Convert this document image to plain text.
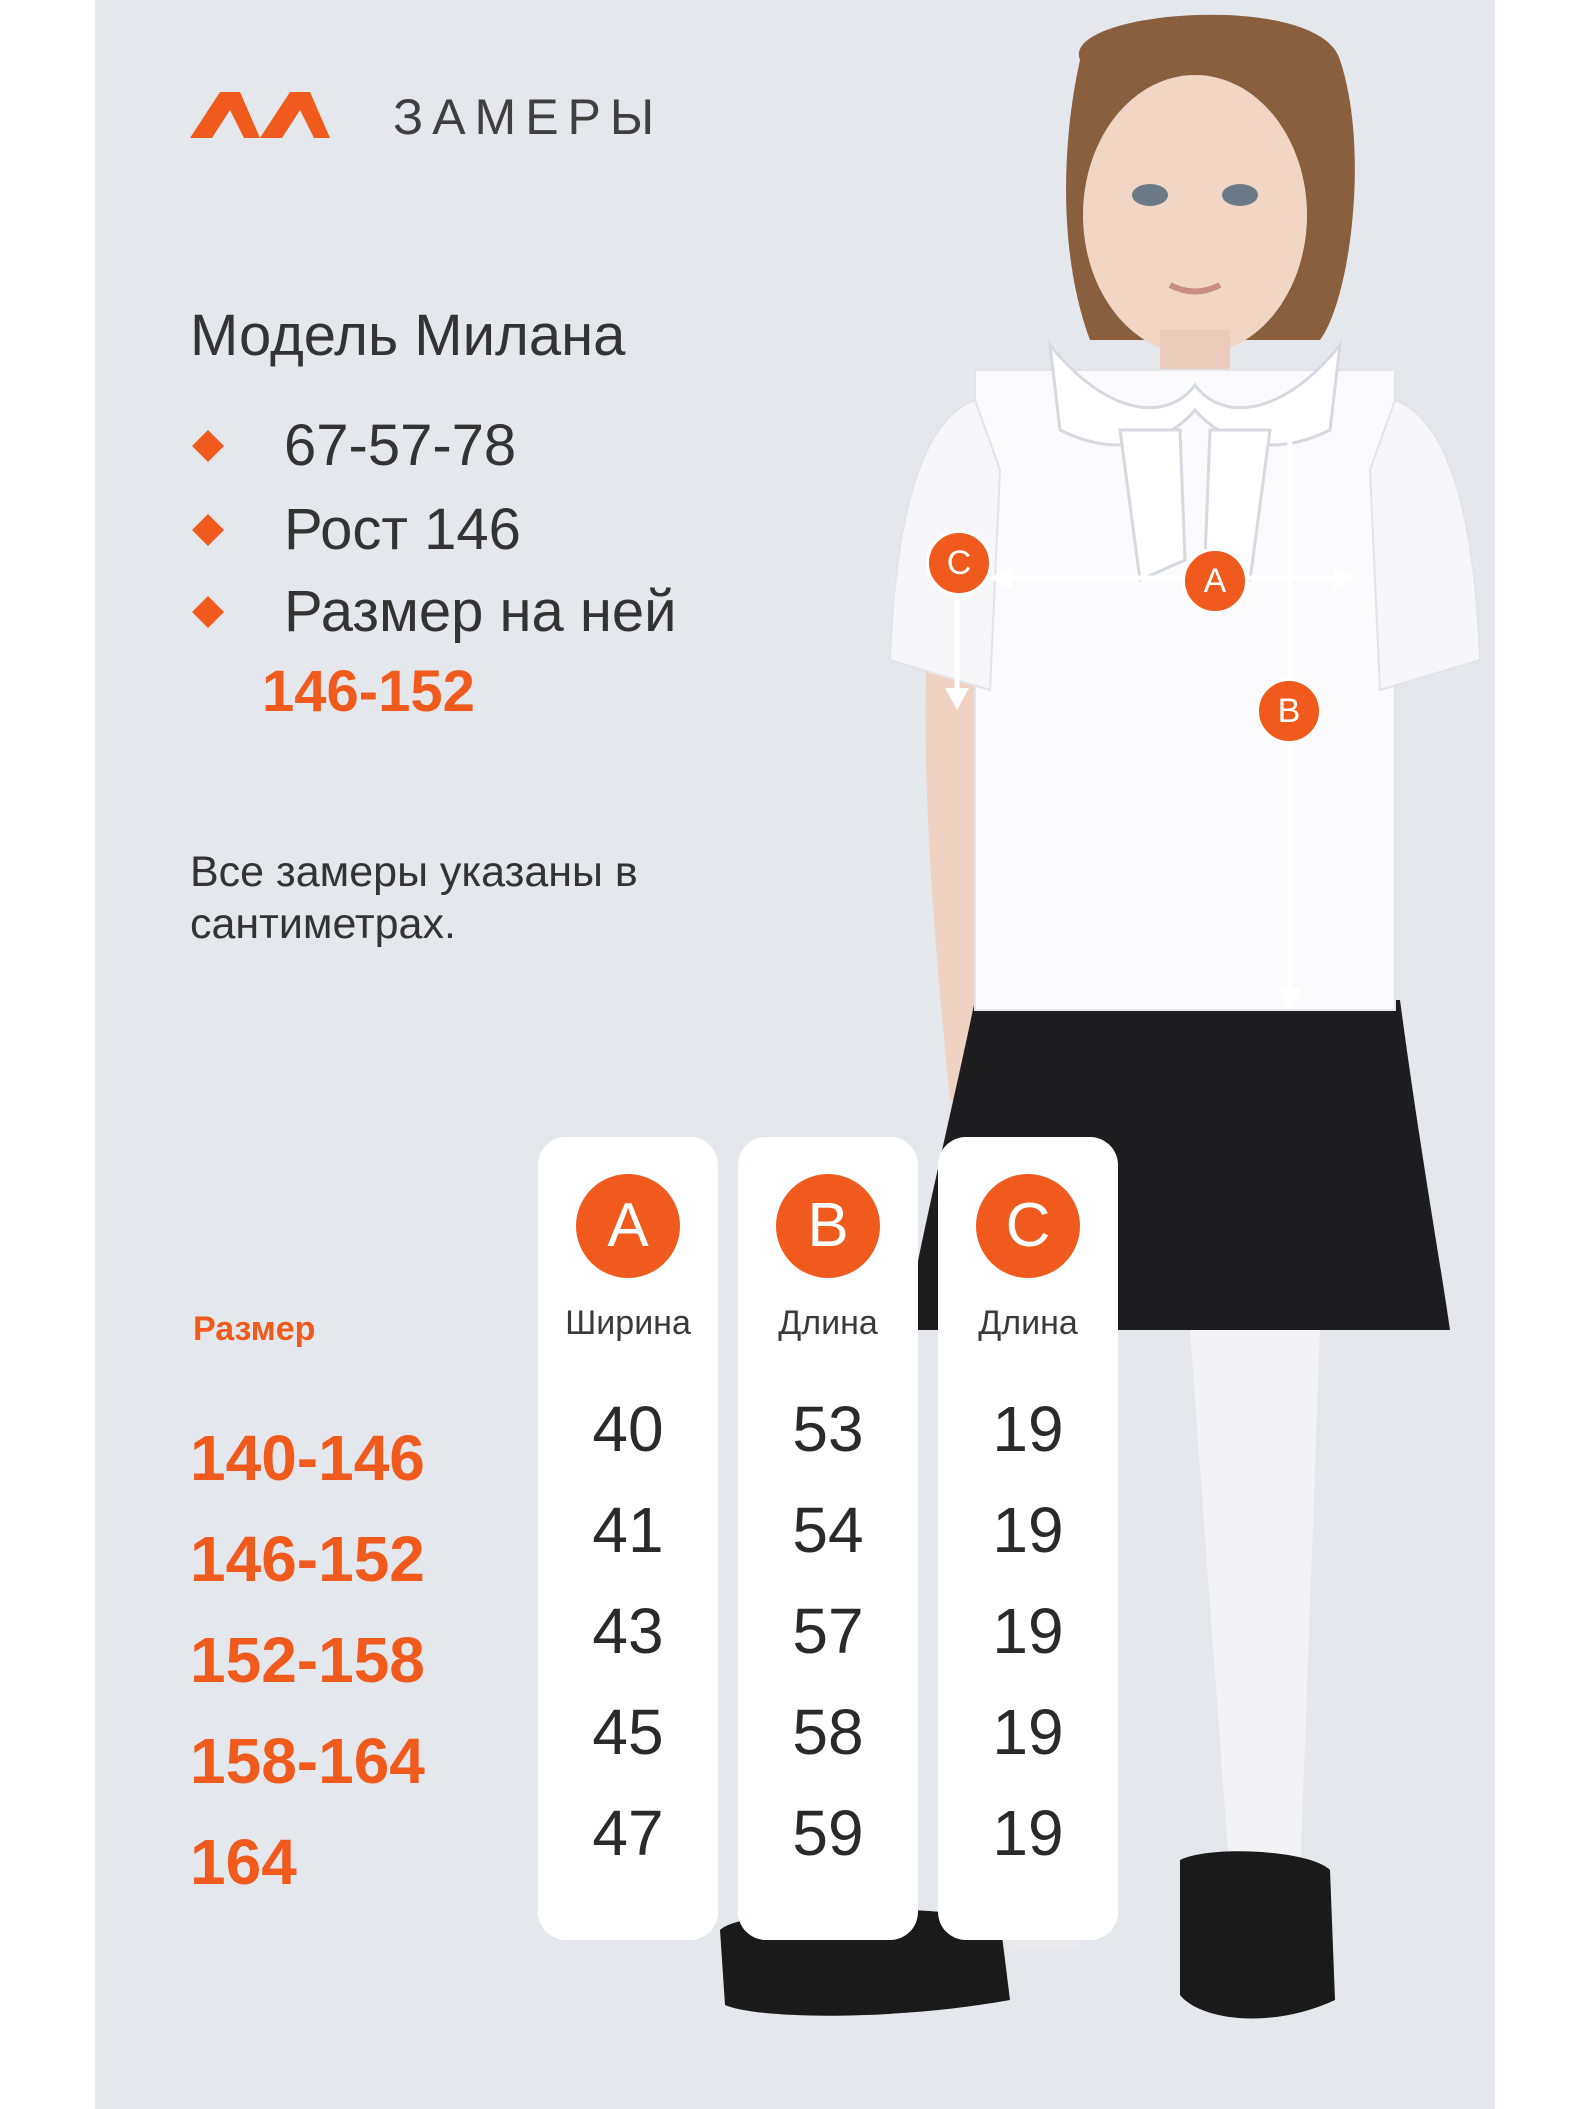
A
B
C
ЗАМЕРЫ
Модель Милана
67-57-78
Рост 146
Размер на ней
146-152
Все замеры указаны в сантиметрах.
Размер
140-146
146-152
152-158
158-164
164
A
Ширина
40
41
43
45
47
B
Длина
53
54
57
58
59
C
Длина
19
19
19
19
19
